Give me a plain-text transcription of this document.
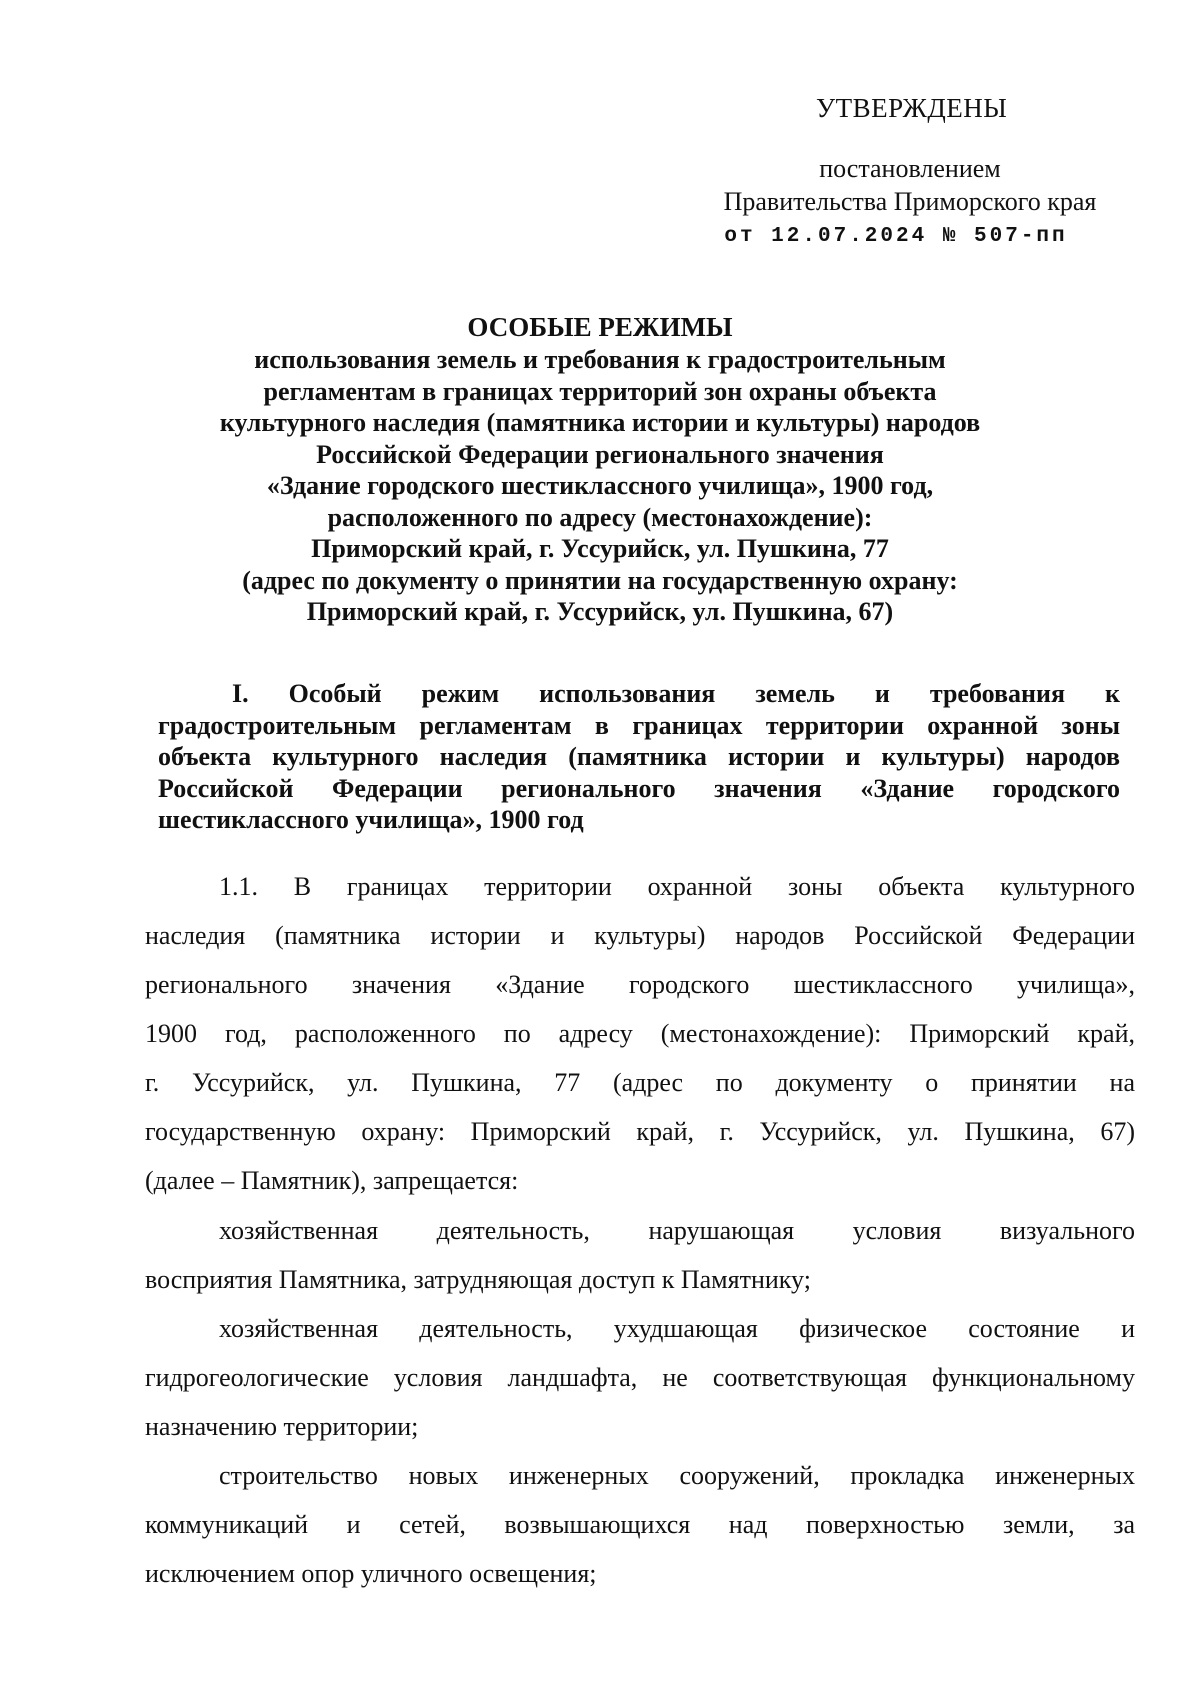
УТВЕРЖДЕНЫ
постановлением
Правительства Приморского края
от 12.07.2024 № 507-пп
ОСОБЫЕ РЕЖИМЫ
использования земель и требования к градостроительным
регламентам в границах территорий зон охраны объекта
культурного наследия (памятника истории и культуры) народов
Российской Федерации регионального значения
«Здание городского шестиклассного училища», 1900 год,
расположенного по адресу (местонахождение):
Приморский край, г. Уссурийск, ул. Пушкина, 77
(адрес по документу о принятии на государственную охрану:
Приморский край, г. Уссурийск, ул. Пушкина, 67)
I. Особый режим использования земель и требования к
градостроительным регламентам в границах территории охранной зоны
объекта культурного наследия (памятника истории и культуры) народов
Российской Федерации регионального значения «Здание городского
шестиклассного училища», 1900 год
1.1. В границах территории охранной зоны объекта культурного
наследия (памятника истории и культуры) народов Российской Федерации
регионального значения «Здание городского шестиклассного училища»,
1900 год, расположенного по адресу (местонахождение): Приморский край,
г. Уссурийск, ул. Пушкина, 77 (адрес по документу о принятии на
государственную охрану: Приморский край, г. Уссурийск, ул. Пушкина, 67)
(далее – Памятник), запрещается:
хозяйственная деятельность, нарушающая условия визуального
восприятия Памятника, затрудняющая доступ к Памятнику;
хозяйственная деятельность, ухудшающая физическое состояние и
гидрогеологические условия ландшафта, не соответствующая функциональному
назначению территории;
строительство новых инженерных сооружений, прокладка инженерных
коммуникаций и сетей, возвышающихся над поверхностью земли, за
исключением опор уличного освещения;
